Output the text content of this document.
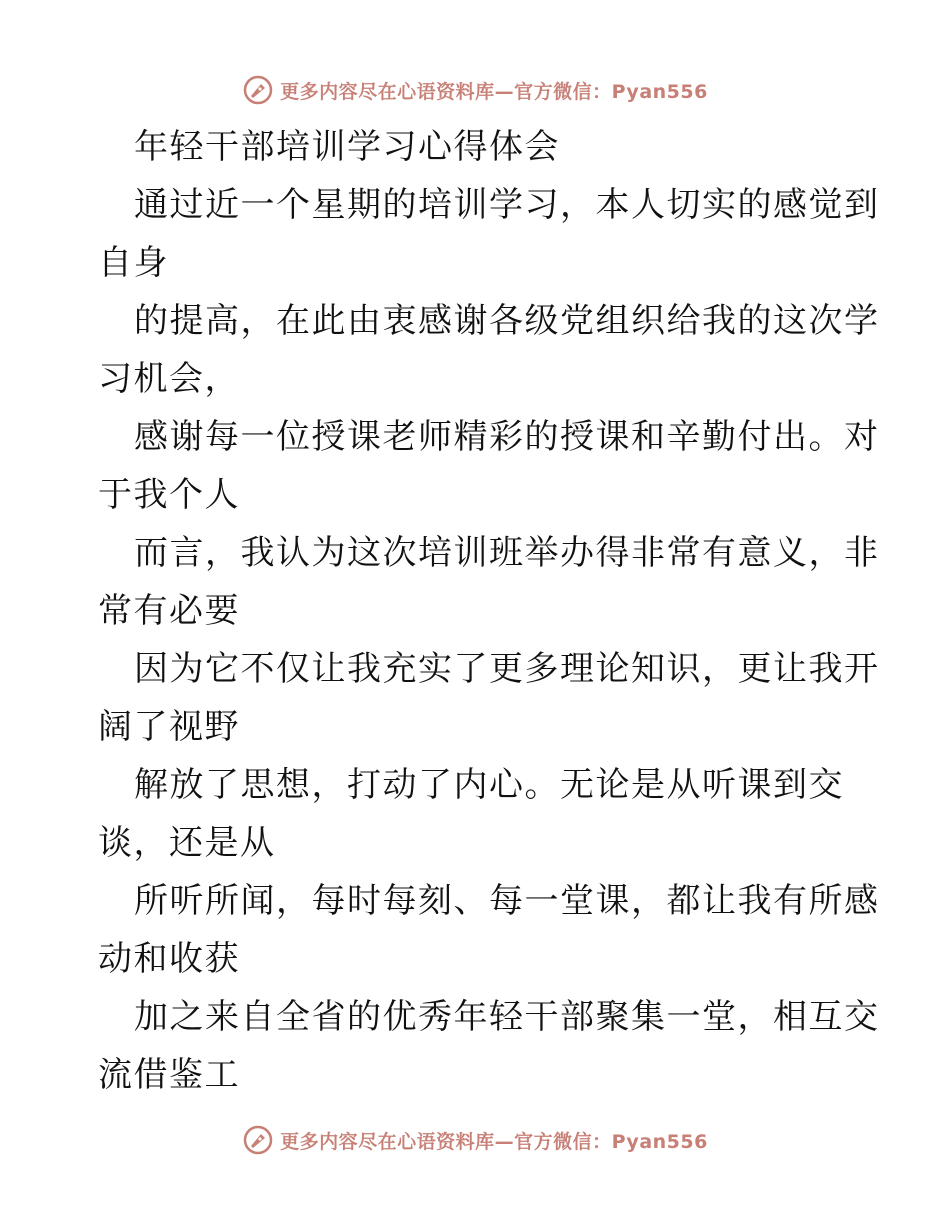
更多内容尽在心语资料库—官方微信：Pyan556
年轻干部培训学习心得体会
通过近一个星期的培训学习，本人切实的感觉到
自身
的提高，在此由衷感谢各级党组织给我的这次学
习机会，
感谢每一位授课老师精彩的授课和辛勤付出。对
于我个人
而言，我认为这次培训班举办得非常有意义，非
常有必要
因为它不仅让我充实了更多理论知识，更让我开
阔了视野
解放了思想，打动了内心。无论是从听课到交
谈，还是从
所听所闻，每时每刻、每一堂课，都让我有所感
动和收获
加之来自全省的优秀年轻干部聚集一堂，相互交
流借鉴工
更多内容尽在心语资料库—官方微信：Pyan556
